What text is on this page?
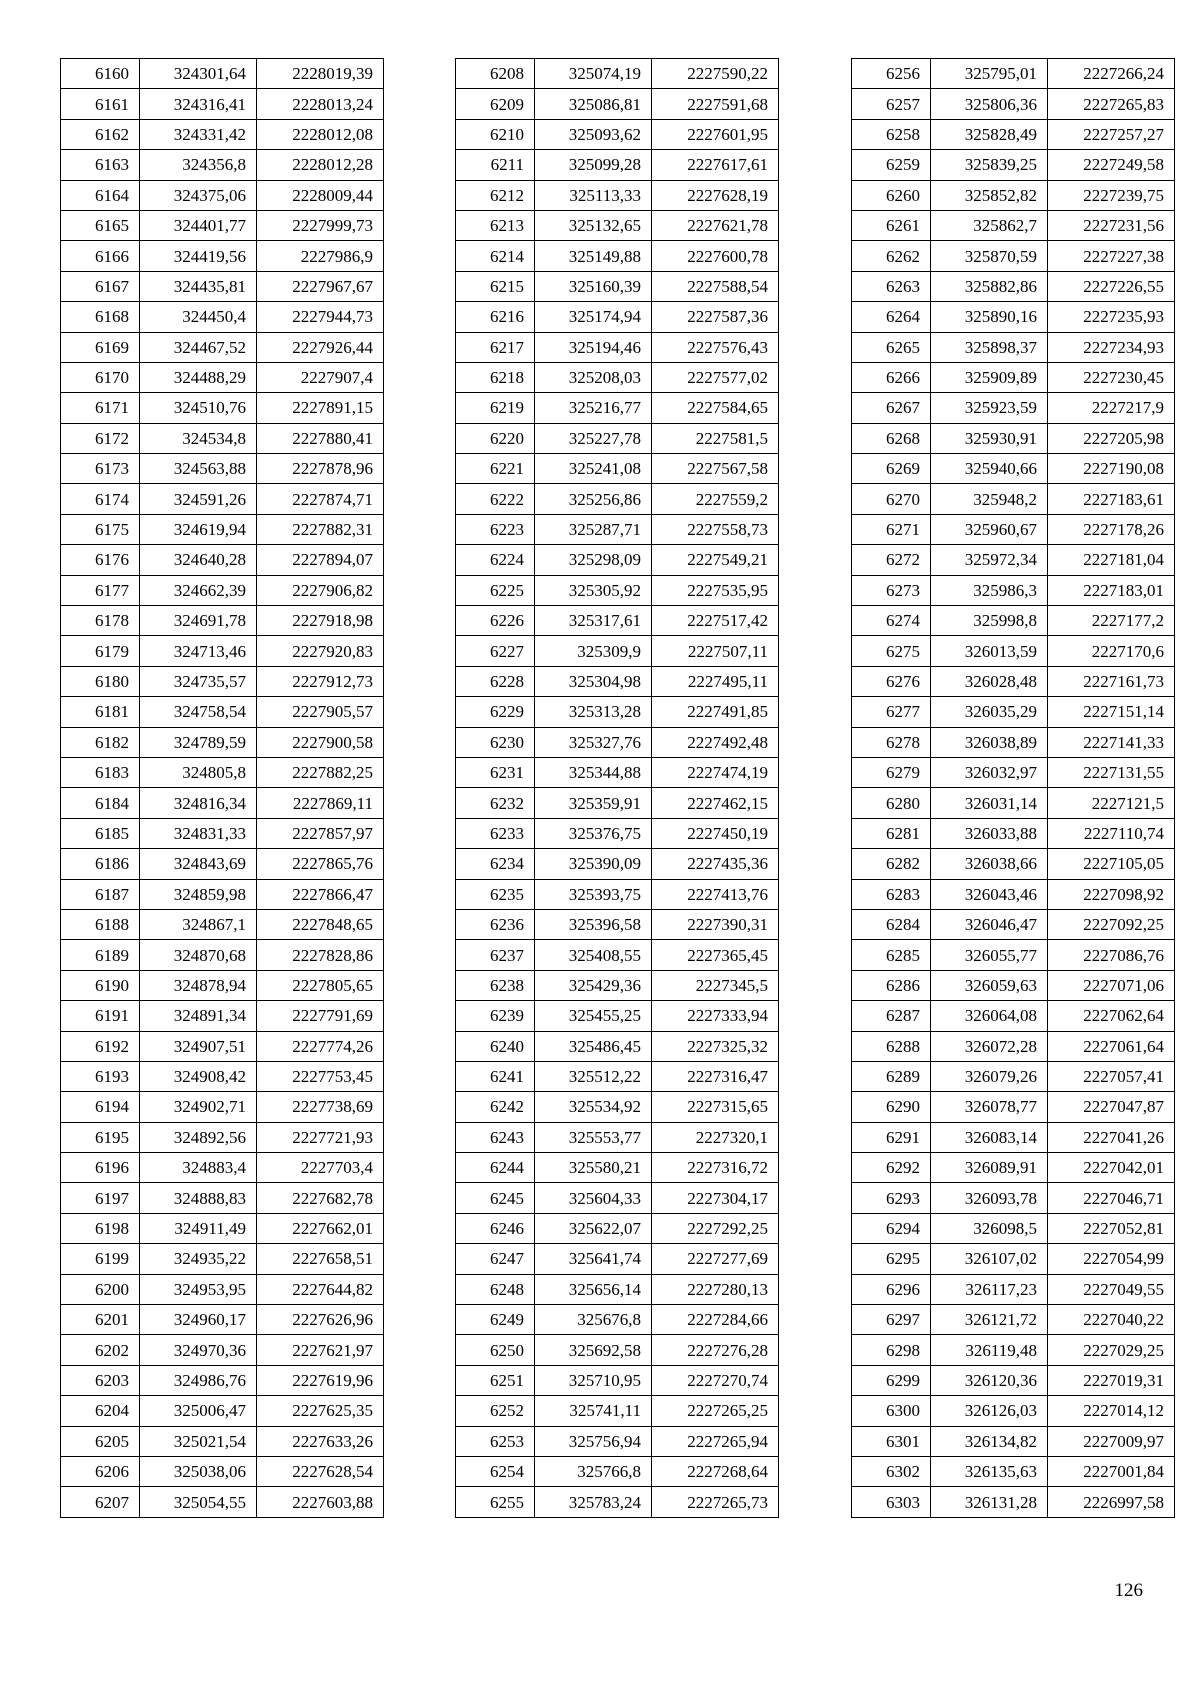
6160	324301,64	2228019,39
6161	324316,41	2228013,24
6162	324331,42	2228012,08
6163	324356,8	2228012,28
6164	324375,06	2228009,44
6165	324401,77	2227999,73
6166	324419,56	2227986,9
6167	324435,81	2227967,67
6168	324450,4	2227944,73
6169	324467,52	2227926,44
6170	324488,29	2227907,4
6171	324510,76	2227891,15
6172	324534,8	2227880,41
6173	324563,88	2227878,96
6174	324591,26	2227874,71
6175	324619,94	2227882,31
6176	324640,28	2227894,07
6177	324662,39	2227906,82
6178	324691,78	2227918,98
6179	324713,46	2227920,83
6180	324735,57	2227912,73
6181	324758,54	2227905,57
6182	324789,59	2227900,58
6183	324805,8	2227882,25
6184	324816,34	2227869,11
6185	324831,33	2227857,97
6186	324843,69	2227865,76
6187	324859,98	2227866,47
6188	324867,1	2227848,65
6189	324870,68	2227828,86
6190	324878,94	2227805,65
6191	324891,34	2227791,69
6192	324907,51	2227774,26
6193	324908,42	2227753,45
6194	324902,71	2227738,69
6195	324892,56	2227721,93
6196	324883,4	2227703,4
6197	324888,83	2227682,78
6198	324911,49	2227662,01
6199	324935,22	2227658,51
6200	324953,95	2227644,82
6201	324960,17	2227626,96
6202	324970,36	2227621,97
6203	324986,76	2227619,96
6204	325006,47	2227625,35
6205	325021,54	2227633,26
6206	325038,06	2227628,54
6207	325054,55	2227603,88
6208	325074,19	2227590,22
6209	325086,81	2227591,68
6210	325093,62	2227601,95
6211	325099,28	2227617,61
6212	325113,33	2227628,19
6213	325132,65	2227621,78
6214	325149,88	2227600,78
6215	325160,39	2227588,54
6216	325174,94	2227587,36
6217	325194,46	2227576,43
6218	325208,03	2227577,02
6219	325216,77	2227584,65
6220	325227,78	2227581,5
6221	325241,08	2227567,58
6222	325256,86	2227559,2
6223	325287,71	2227558,73
6224	325298,09	2227549,21
6225	325305,92	2227535,95
6226	325317,61	2227517,42
6227	325309,9	2227507,11
6228	325304,98	2227495,11
6229	325313,28	2227491,85
6230	325327,76	2227492,48
6231	325344,88	2227474,19
6232	325359,91	2227462,15
6233	325376,75	2227450,19
6234	325390,09	2227435,36
6235	325393,75	2227413,76
6236	325396,58	2227390,31
6237	325408,55	2227365,45
6238	325429,36	2227345,5
6239	325455,25	2227333,94
6240	325486,45	2227325,32
6241	325512,22	2227316,47
6242	325534,92	2227315,65
6243	325553,77	2227320,1
6244	325580,21	2227316,72
6245	325604,33	2227304,17
6246	325622,07	2227292,25
6247	325641,74	2227277,69
6248	325656,14	2227280,13
6249	325676,8	2227284,66
6250	325692,58	2227276,28
6251	325710,95	2227270,74
6252	325741,11	2227265,25
6253	325756,94	2227265,94
6254	325766,8	2227268,64
6255	325783,24	2227265,73
6256	325795,01	2227266,24
6257	325806,36	2227265,83
6258	325828,49	2227257,27
6259	325839,25	2227249,58
6260	325852,82	2227239,75
6261	325862,7	2227231,56
6262	325870,59	2227227,38
6263	325882,86	2227226,55
6264	325890,16	2227235,93
6265	325898,37	2227234,93
6266	325909,89	2227230,45
6267	325923,59	2227217,9
6268	325930,91	2227205,98
6269	325940,66	2227190,08
6270	325948,2	2227183,61
6271	325960,67	2227178,26
6272	325972,34	2227181,04
6273	325986,3	2227183,01
6274	325998,8	2227177,2
6275	326013,59	2227170,6
6276	326028,48	2227161,73
6277	326035,29	2227151,14
6278	326038,89	2227141,33
6279	326032,97	2227131,55
6280	326031,14	2227121,5
6281	326033,88	2227110,74
6282	326038,66	2227105,05
6283	326043,46	2227098,92
6284	326046,47	2227092,25
6285	326055,77	2227086,76
6286	326059,63	2227071,06
6287	326064,08	2227062,64
6288	326072,28	2227061,64
6289	326079,26	2227057,41
6290	326078,77	2227047,87
6291	326083,14	2227041,26
6292	326089,91	2227042,01
6293	326093,78	2227046,71
6294	326098,5	2227052,81
6295	326107,02	2227054,99
6296	326117,23	2227049,55
6297	326121,72	2227040,22
6298	326119,48	2227029,25
6299	326120,36	2227019,31
6300	326126,03	2227014,12
6301	326134,82	2227009,97
6302	326135,63	2227001,84
6303	326131,28	2226997,58
126
